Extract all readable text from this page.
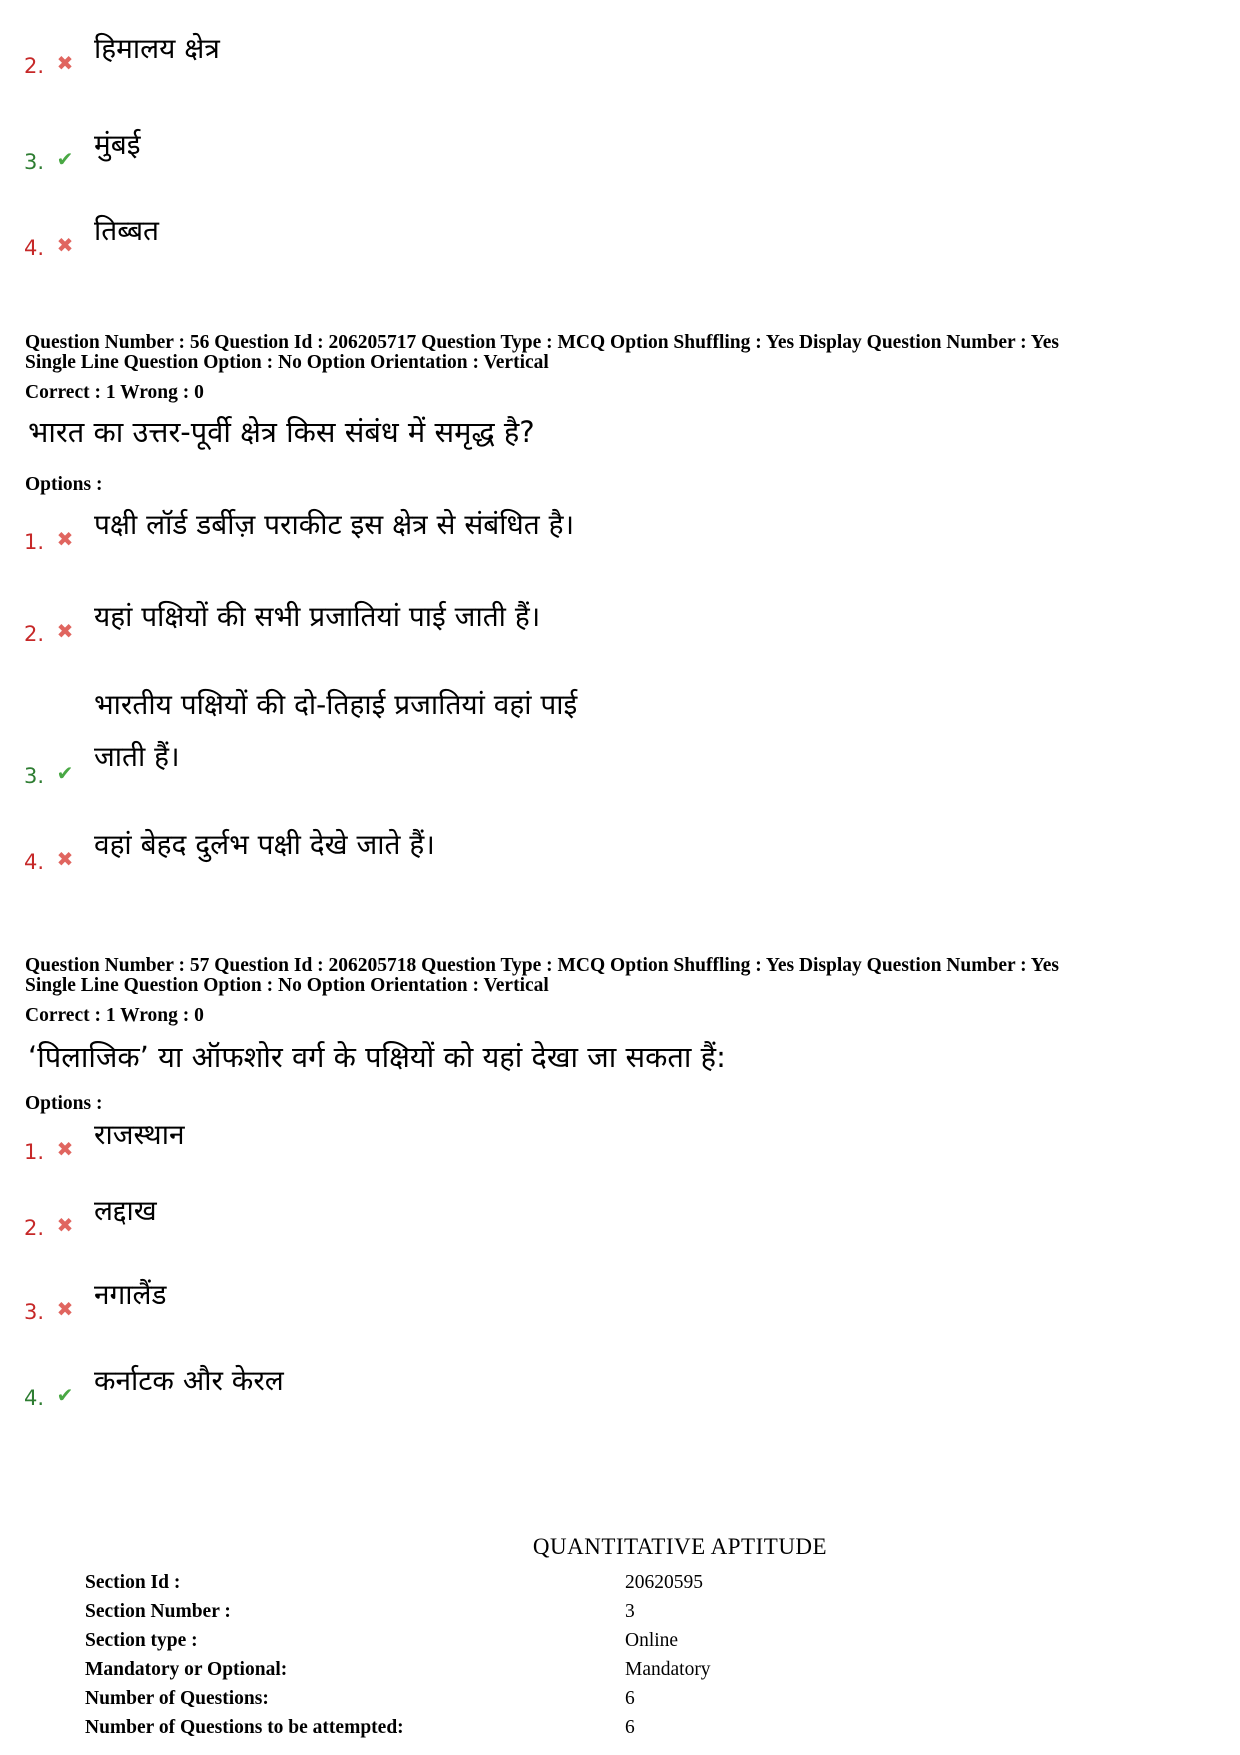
2. ✖ हिमालय क्षेत्र
3. ✔ मुंबई
4. ✖ तिब्बत
Question Number : 56 Question Id : 206205717 Question Type : MCQ Option Shuffling : Yes Display Question Number : Yes
Single Line Question Option : No Option Orientation : Vertical
Correct : 1 Wrong : 0
भारत का उत्तर-पूर्वी क्षेत्र किस संबंध में समृद्ध है?
Options :
1. ✖ पक्षी लॉर्ड डर्बीज़ पराकीट इस क्षेत्र से संबंधित है।
2. ✖ यहां पक्षियों की सभी प्रजातियां पाई जाती हैं।
3. ✔
भारतीय पक्षियों की दो-तिहाई प्रजातियां वहां पाई
जाती हैं।
4. ✖ वहां बेहद दुर्लभ पक्षी देखे जाते हैं।
Question Number : 57 Question Id : 206205718 Question Type : MCQ Option Shuffling : Yes Display Question Number : Yes
Single Line Question Option : No Option Orientation : Vertical
Correct : 1 Wrong : 0
‘पिलाजिक’ या ऑफशोर वर्ग के पक्षियों को यहां देखा जा सकता हैं:
Options :
1. ✖ राजस्थान
2. ✖ लद्दाख
3. ✖ नगालैंड
4. ✔ कर्नाटक और केरल
QUANTITATIVE APTITUDE
Section Id :	20620595
Section Number :	3
Section type :	Online
Mandatory or Optional:	Mandatory
Number of Questions:	6
Number of Questions to be attempted:	6
